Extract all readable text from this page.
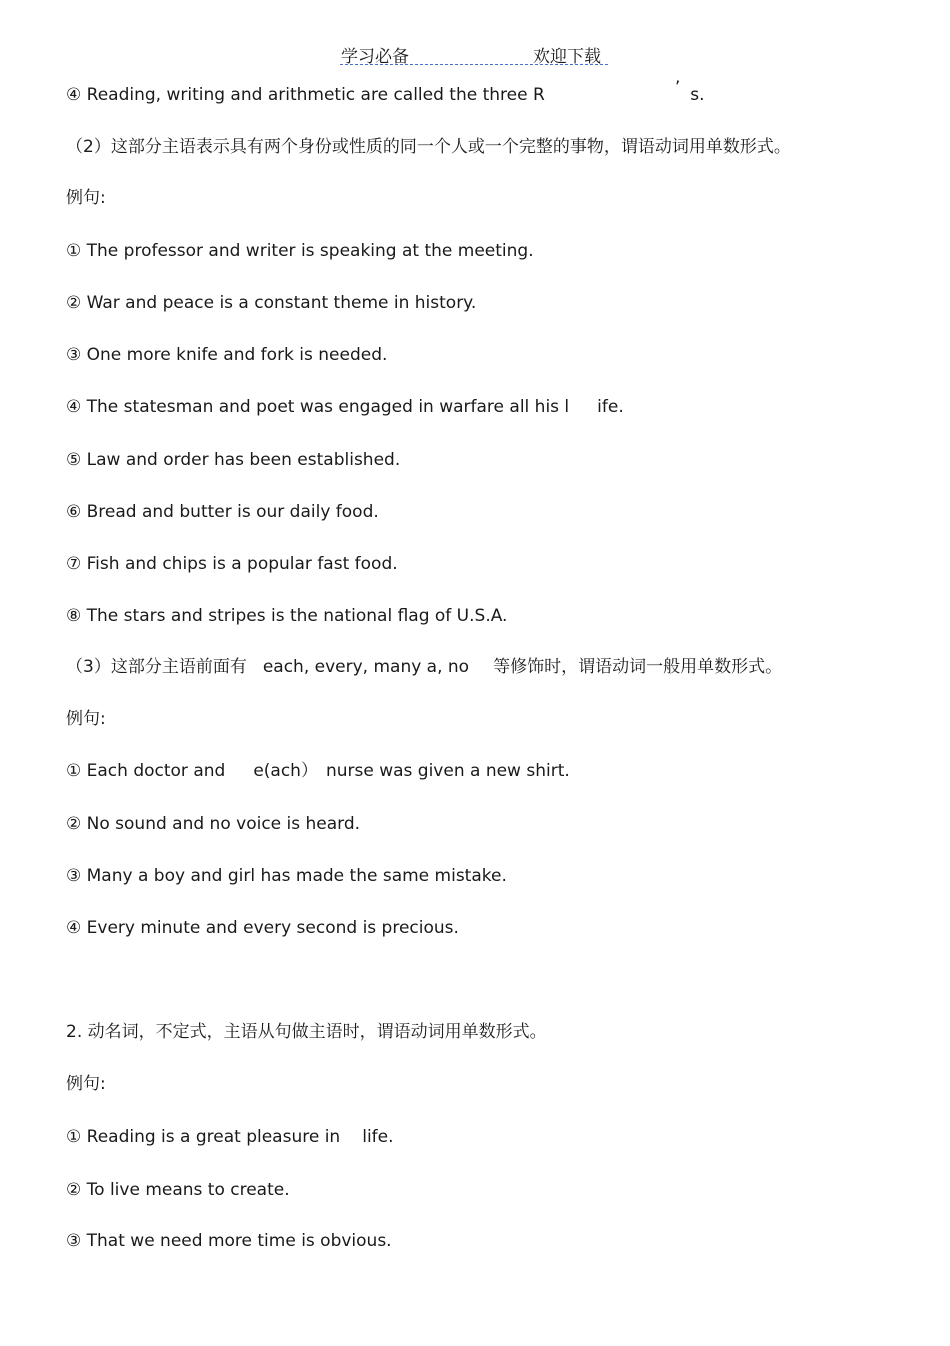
学习必备	欢迎下载
④ Reading, writing and arithmetic are called the three R	’ s.
（2）这部分主语表示具有两个身份或性质的同一个人或一个完整的事物，谓语动词用单数形式。
例句:
① The professor and writer is speaking at the meeting.
② War and peace is a constant theme in history.
③ One more knife and fork is needed.
④ The statesman and poet was engaged in warfare all his l ife.
⑤ Law and order has been established.
⑥ Bread and butter is our daily food.
⑦ Fish and chips is a popular fast food.
⑧ The stars and stripes is the national flag of U.S.A.
（3）这部分主语前面有 each, every, many a, no 等修饰时，谓语动词一般用单数形式。
例句:
① Each doctor and e(ach） nurse was given a new shirt.
② No sound and no voice is heard.
③ Many a boy and girl has made the same mistake.
④ Every minute and every second is precious.
2. 动名词，不定式，主语从句做主语时，谓语动词用单数形式。
例句:
① Reading is a great pleasure in life.
② To live means to create.
③ That we need more time is obvious.
